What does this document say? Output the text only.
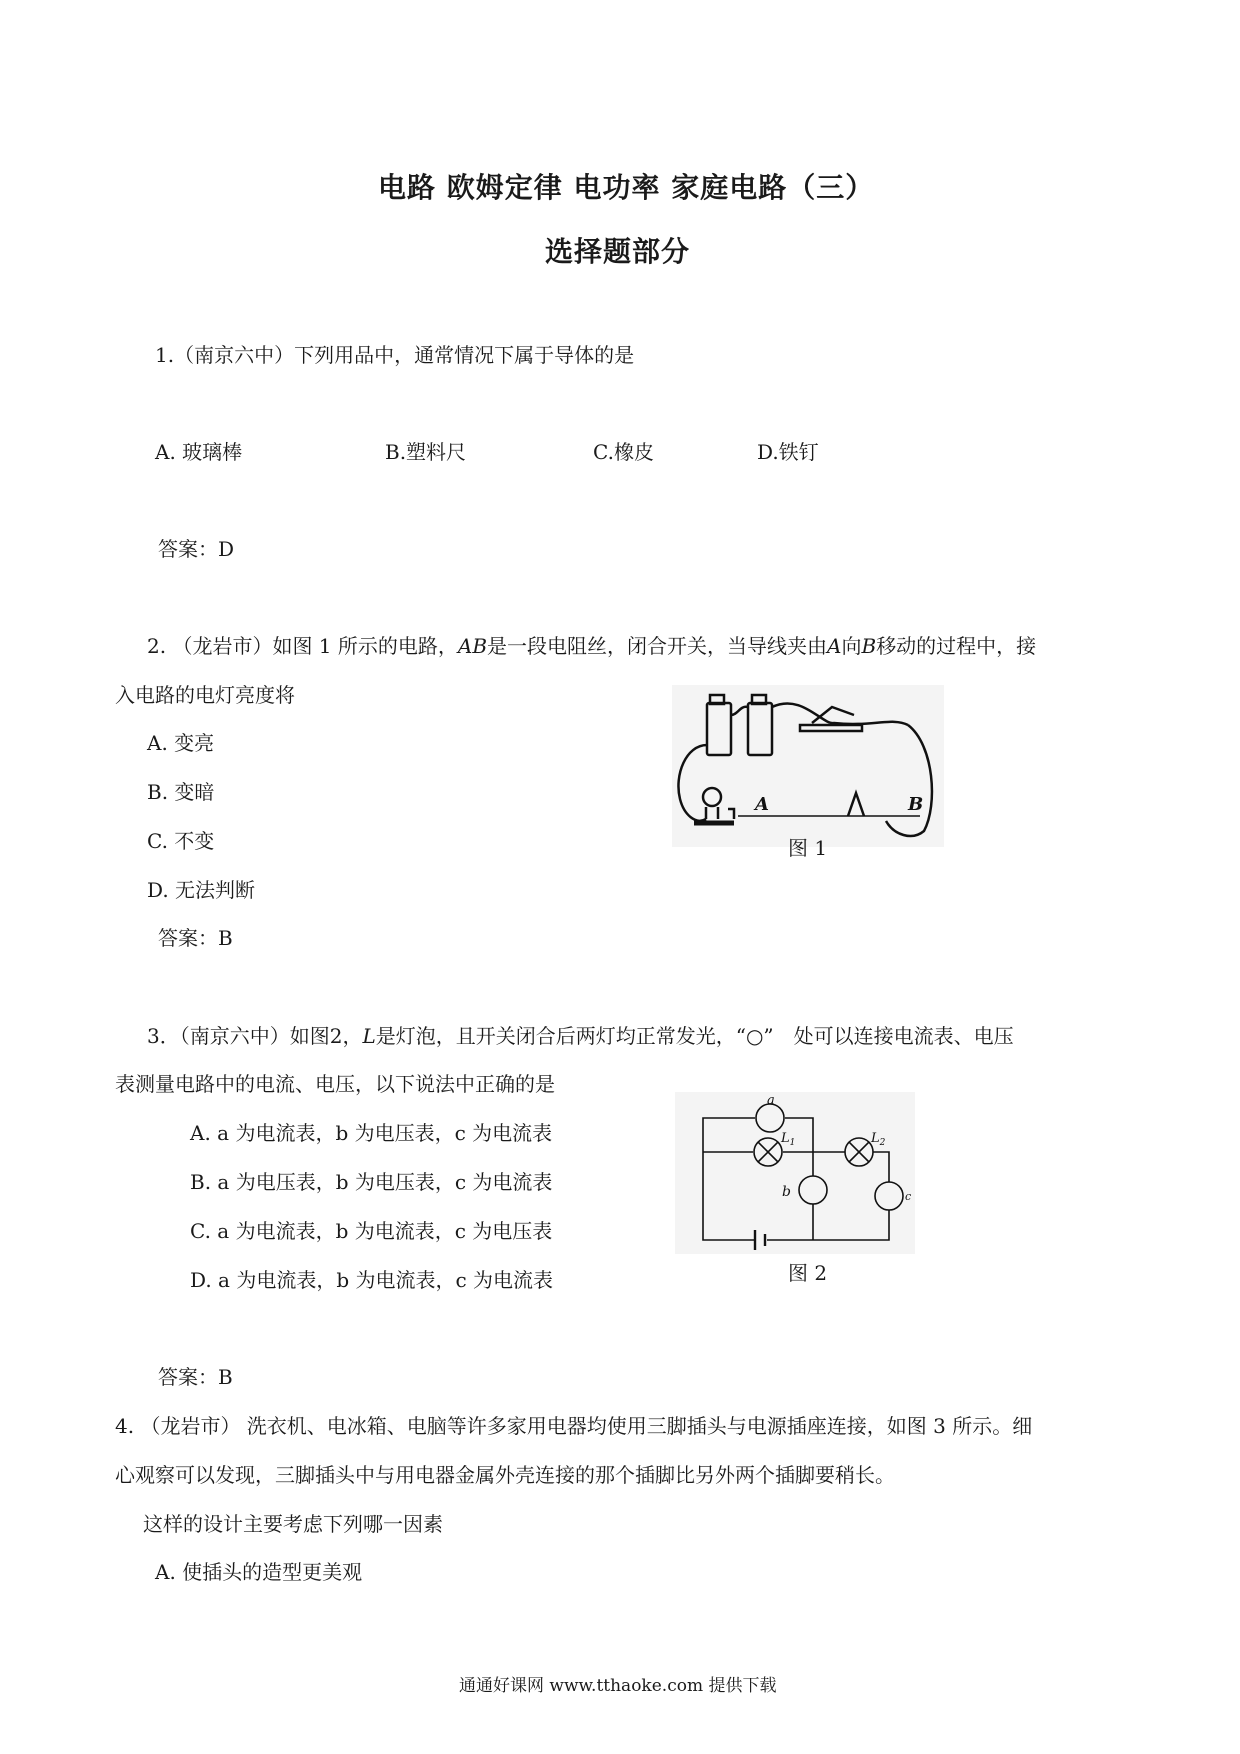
电路 欧姆定律 电功率 家庭电路（三）
选择题部分
1.（南京六中）下列用品中，通常情况下属于导体的是
A. 玻璃棒	B.塑料尺	C.橡皮	D.铁钉
答案：D
2. （龙岩市）如图 1 所示的电路，AB是一段电阻丝，闭合开关，当导线夹由A向B移动的过程中，接
入电路的电灯亮度将
A. 变亮
B. 变暗
C. 不变
D. 无法判断
答案：B
A	B
图 1
3．（南京六中）如图2，L是灯泡，且开关闭合后两灯均正常发光，“○”　处可以连接电流表、电压
表测量电路中的电流、电压，以下说法中正确的是
A. a 为电流表，b 为电压表，c 为电流表
B. a 为电压表，b 为电压表，c 为电流表
C. a 为电流表，b 为电流表，c 为电压表
D. a 为电流表，b 为电流表，c 为电流表
答案：B
a
$L_1$	$L_2$
b	c
图 2
4. （龙岩市） 洗衣机、电冰箱、电脑等许多家用电器均使用三脚插头与电源插座连接，如图 3 所示。细
心观察可以发现，三脚插头中与用电器金属外壳连接的那个插脚比另外两个插脚要稍长。
这样的设计主要考虑下列哪一因素
A. 使插头的造型更美观
通通好课网 www.tthaoke.com 提供下载
